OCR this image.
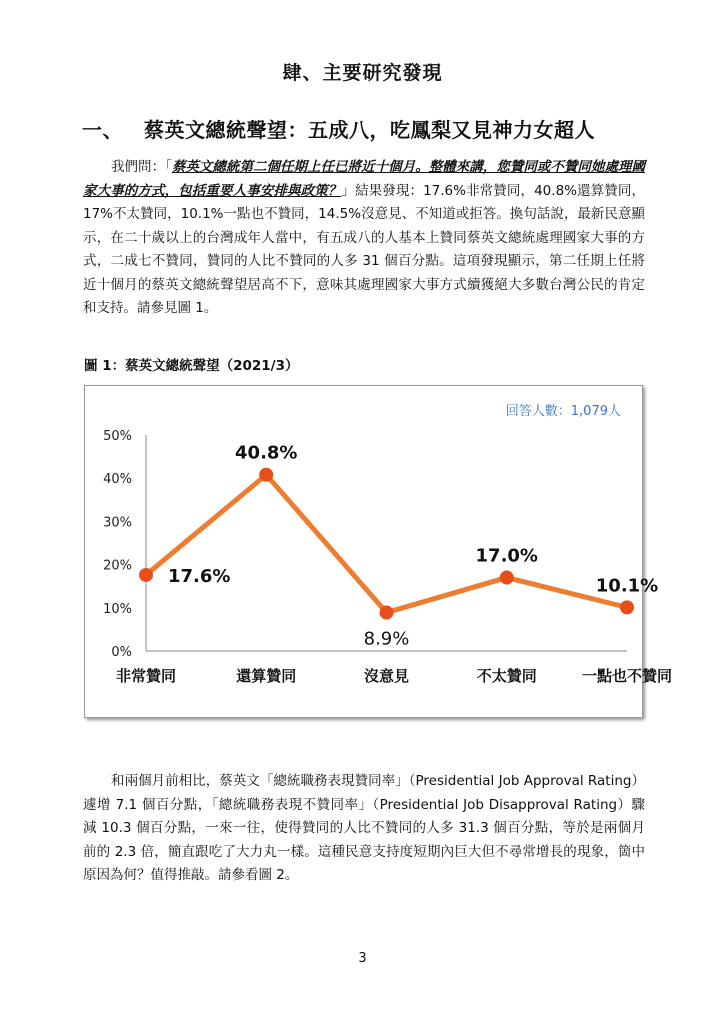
肆、主要研究發現
一、 蔡英文總統聲望：五成八，吃鳳梨又見神力女超人
我們問：「蔡英文總統第二個任期上任已將近十個月。整體來講，您贊同或不贊同她處理國家大事的方式，包括重要人事安排與政策？」結果發現：17.6%非常贊同，40.8%還算贊同，17%不太贊同，10.1%一點也不贊同，14.5%沒意見、不知道或拒答。換句話說，最新民意顯示，在二十歲以上的台灣成年人當中，有五成八的人基本上贊同蔡英文總統處理國家大事的方式，二成七不贊同，贊同的人比不贊同的人多 31 個百分點。這項發現顯示，第二任期上任將近十個月的蔡英文總統聲望居高不下，意味其處理國家大事方式續獲絕大多數台灣公民的肯定和支持。請參見圖 1。
圖 1：蔡英文總統聲望（2021/3）
0%
10%
20%
30%
40%
50%
非常贊同	還算贊同	沒意見	不太贊同	一點也不贊同
17.6%
40.8%
8.9%
17.0%
10.1%
回答人數：1,079人
和兩個月前相比，蔡英文「總統職務表現贊同率」（Presidential Job Approval Rating）遽增 7.1 個百分點，「總統職務表現不贊同率」（Presidential Job Disapproval Rating）驟減 10.3 個百分點，一來一往，使得贊同的人比不贊同的人多 31.3 個百分點，等於是兩個月前的 2.3 倍，簡直跟吃了大力丸一樣。這種民意支持度短期內巨大但不尋常增長的現象，箇中原因為何？值得推敲。請參看圖 2。
3
